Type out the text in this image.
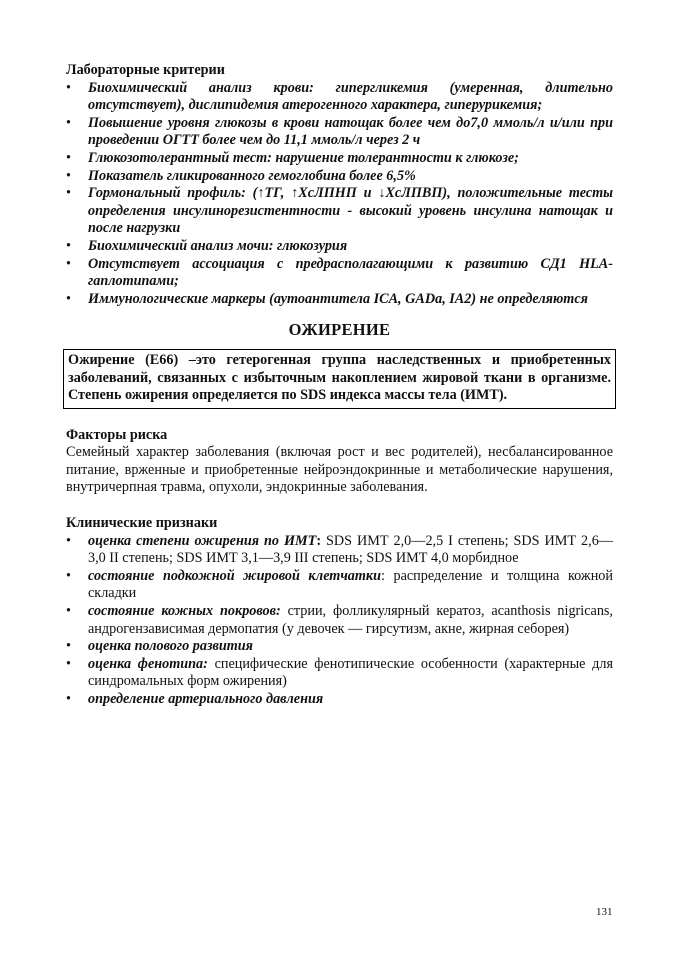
Лабораторные критерии

• Биохимический анализ крови: гипергликемия (умеренная, длительно отсутствует), дислипидемия атерогенного характера, гиперурикемия;
• Повышение уровня глюкозы в крови натощак более чем до7,0 ммоль/л и/или при проведении ОГТТ более чем до 11,1 ммоль/л через 2 ч
• Глюкозотолерантный тест: нарушение толерантности к глюкозе;
• Показатель гликированного гемоглобина более 6,5%
• Гормональный профиль: (↑ТГ, ↑ХсЛПНП и ↓ХсЛПВП), положительные тесты определения инсулинорезистентности - высокий уровень инсулина натощак и после нагрузки
• Биохимический анализ мочи: глюкозурия
• Отсутствует ассоциация с предрасполагающими к развитию СД1 HLA-гаплотипами;
• Иммунологические маркеры (аутоантитела ICA, GADa, IA2) не определяются
ОЖИРЕНИЕ
Ожирение (Е66) –это гетерогенная группа наследственных и приобретенных заболеваний, связанных с избыточным накоплением жировой ткани в организме. Степень ожирения определяется по SDS индекса массы тела (ИМТ).

Факторы риска

Семейный характер заболевания (включая рост и вес родителей), несбалансированное питание, врженные и приобретенные нейроэндокринные и метаболические нарушения, внутричерпная травма, опухоли, эндокринные заболевания.

Клинические признаки

• оценка степени ожирения по ИМТ: SDS ИМТ 2,0—2,5 I степень; SDS ИМТ 2,6—3,0 II степень; SDS ИМТ 3,1—3,9 III степень; SDS ИМТ 4,0 морбидное
• состояние подкожной жировой клетчатки: распределение и толщина кожной складки
• состояние кожных покровов: стрии, фолликулярный кератоз, acanthosis nigricans, андрогензависимая дермопатия (у девочек — гирсутизм, акне, жирная себорея)
• оценка полового развития
• оценка фенотипа: специфические фенотипические особенности (характерные для синдромальных форм ожирения)
• определение артериального давления
131
